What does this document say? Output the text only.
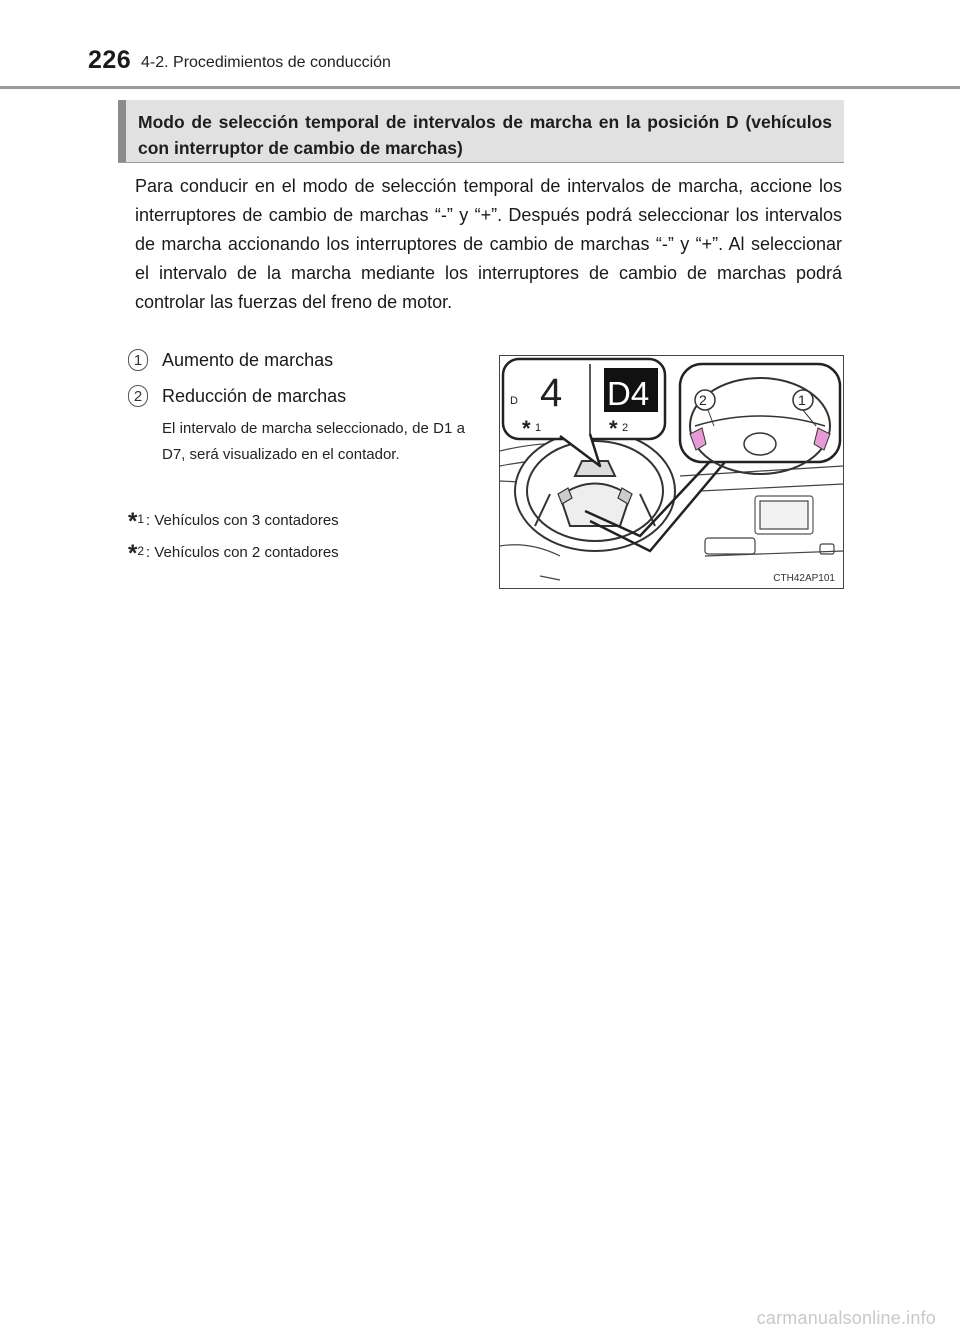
226 4-2. Procedimientos de conducción
Modo de selección temporal de intervalos de marcha en la posición D (vehículos con interruptor de cambio de marchas)
Para conducir en el modo de selección temporal de intervalos de marcha, accione los interruptores de cambio de marchas “-” y “+”. Después podrá seleccionar los intervalos de marcha accionando los interruptores de cambio de marchas “-” y “+”. Al seleccionar el intervalo de la marcha mediante los interruptores de cambio de marchas podrá controlar las fuerzas del freno de motor.
1	Aumento de marchas
2	Reducción de marchas
El intervalo de marcha seleccionado, de D1 a D7, será visualizado en el contador.
* 1 : Vehículos con 3 contadores
* 2 : Vehículos con 2 contadores
D 4 D4
* 1	* 2
2	1
CTH42AP101
carmanualsonline.info
